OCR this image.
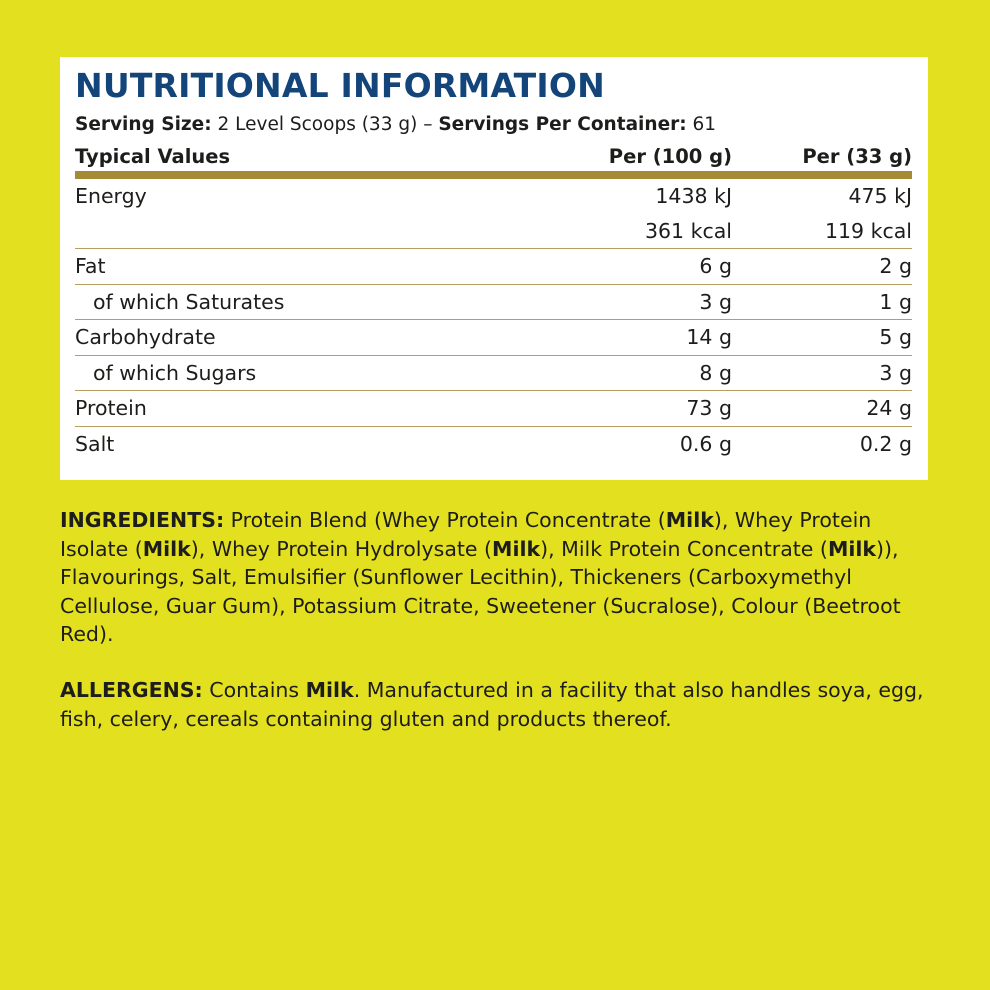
NUTRITIONAL INFORMATION
Serving Size: 2 Level Scoops (33 g) – Servings Per Container: 61
Typical Values	Per (100 g)	Per (33 g)
Energy	1438 kJ	475 kJ
	361 kcal	119 kcal
Fat	6 g	2 g
of which Saturates	3 g	1 g
Carbohydrate	14 g	5 g
of which Sugars	8 g	3 g
Protein	73 g	24 g
Salt	0.6 g	0.2 g

INGREDIENTS: Protein Blend (Whey Protein Concentrate (Milk), Whey Protein Isolate (Milk), Whey Protein Hydrolysate (Milk), Milk Protein Concentrate (Milk)), Flavourings, Salt, Emulsifier (Sunflower Lecithin), Thickeners (Carboxymethyl Cellulose, Guar Gum), Potassium Citrate, Sweetener (Sucralose), Colour (Beetroot Red).

ALLERGENS: Contains Milk. Manufactured in a facility that also handles soya, egg, fish, celery, cereals containing gluten and products thereof.
